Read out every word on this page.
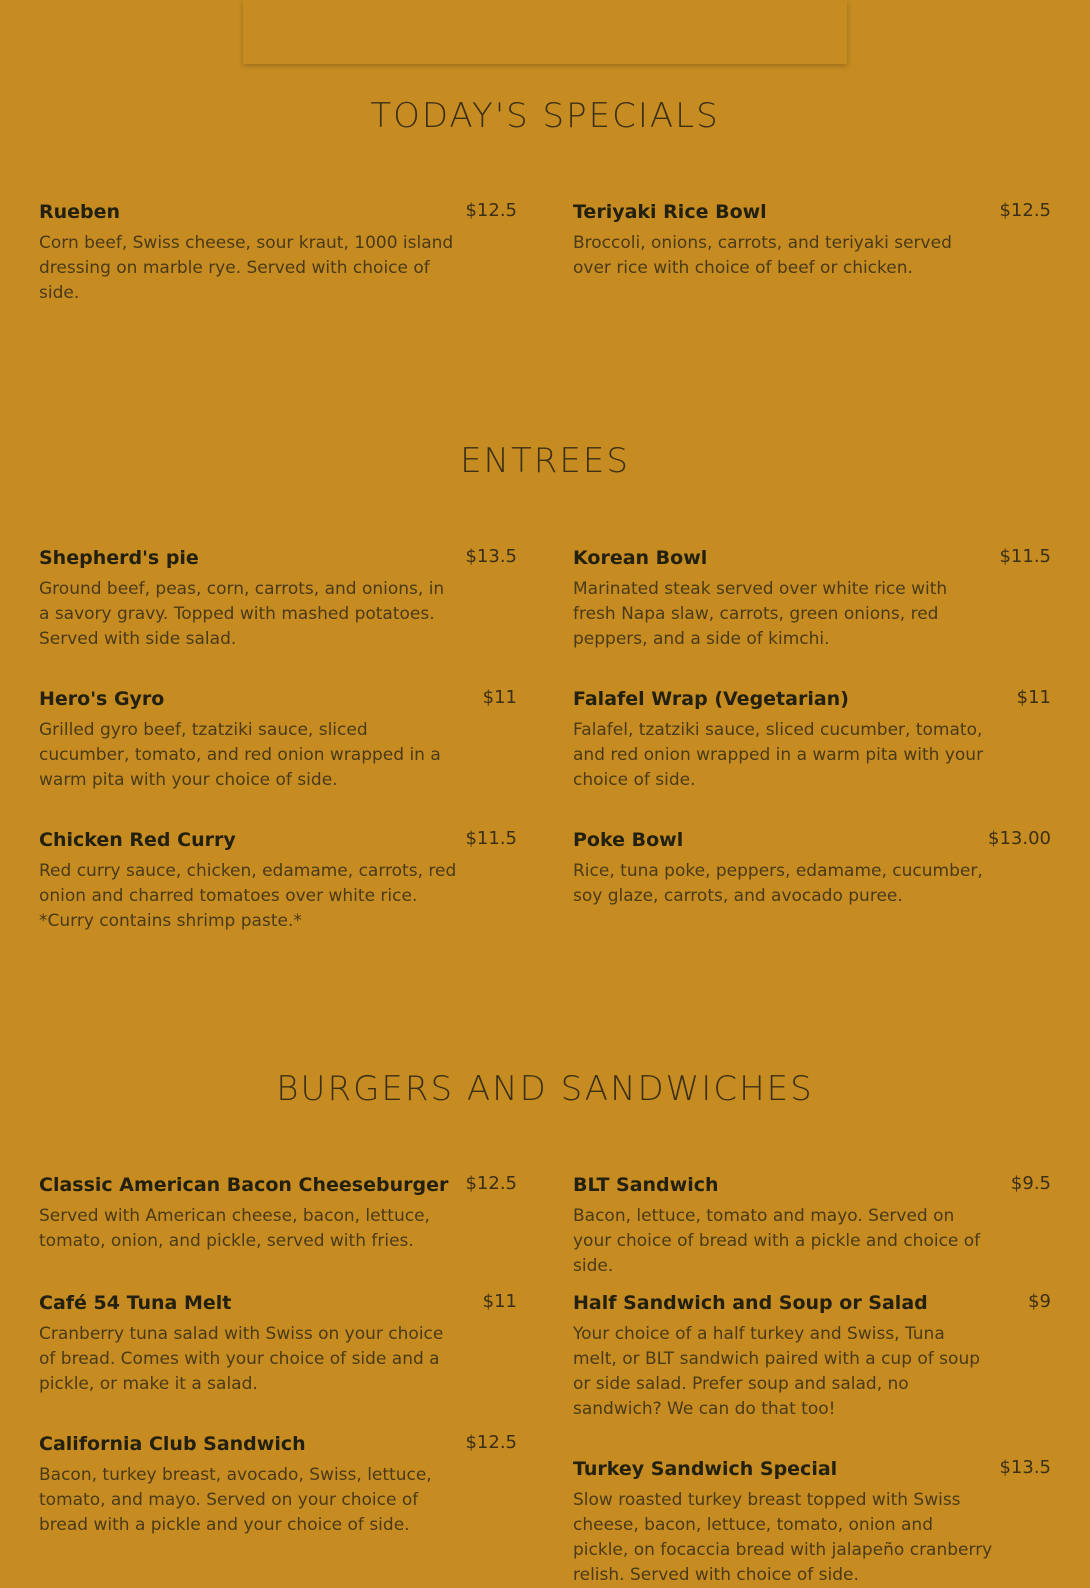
TODAY'S SPECIALS
Rueben	$12.5
Corn beef, Swiss cheese, sour kraut, 1000 island dressing on marble rye. Served with choice of side.
Teriyaki Rice Bowl	$12.5
Broccoli, onions, carrots, and teriyaki served over rice with choice of beef or chicken.
ENTREES
Shepherd's pie	$13.5
Ground beef, peas, corn, carrots, and onions, in a savory gravy. Topped with mashed potatoes. Served with side salad.
Korean Bowl	$11.5
Marinated steak served over white rice with fresh Napa slaw, carrots, green onions, red peppers, and a side of kimchi.
Hero's Gyro	$11
Grilled gyro beef, tzatziki sauce, sliced cucumber, tomato, and red onion wrapped in a warm pita with your choice of side.
Falafel Wrap (Vegetarian)	$11
Falafel, tzatziki sauce, sliced cucumber, tomato, and red onion wrapped in a warm pita with your choice of side.
Chicken Red Curry	$11.5
Red curry sauce, chicken, edamame, carrots, red onion and charred tomatoes over white rice. *Curry contains shrimp paste.*
Poke Bowl	$13.00
Rice, tuna poke, peppers, edamame, cucumber, soy glaze, carrots, and avocado puree.
BURGERS AND SANDWICHES
Classic American Bacon Cheeseburger $12.5
Served with American cheese, bacon, lettuce, tomato, onion, and pickle, served with fries.
BLT Sandwich	$9.5
Bacon, lettuce, tomato and mayo. Served on your choice of bread with a pickle and choice of side.
Café 54 Tuna Melt	$11
Cranberry tuna salad with Swiss on your choice of bread. Comes with your choice of side and a pickle, or make it a salad.
Half Sandwich and Soup or Salad	$9
Your choice of a half turkey and Swiss, Tuna melt, or BLT sandwich paired with a cup of soup or side salad. Prefer soup and salad, no sandwich? We can do that too!
California Club Sandwich	$12.5
Bacon, turkey breast, avocado, Swiss, lettuce, tomato, and mayo. Served on your choice of bread with a pickle and your choice of side.
Turkey Sandwich Special	$13.5
Slow roasted turkey breast topped with Swiss cheese, bacon, lettuce, tomato, onion and pickle, on focaccia bread with jalapeño cranberry relish. Served with choice of side.
